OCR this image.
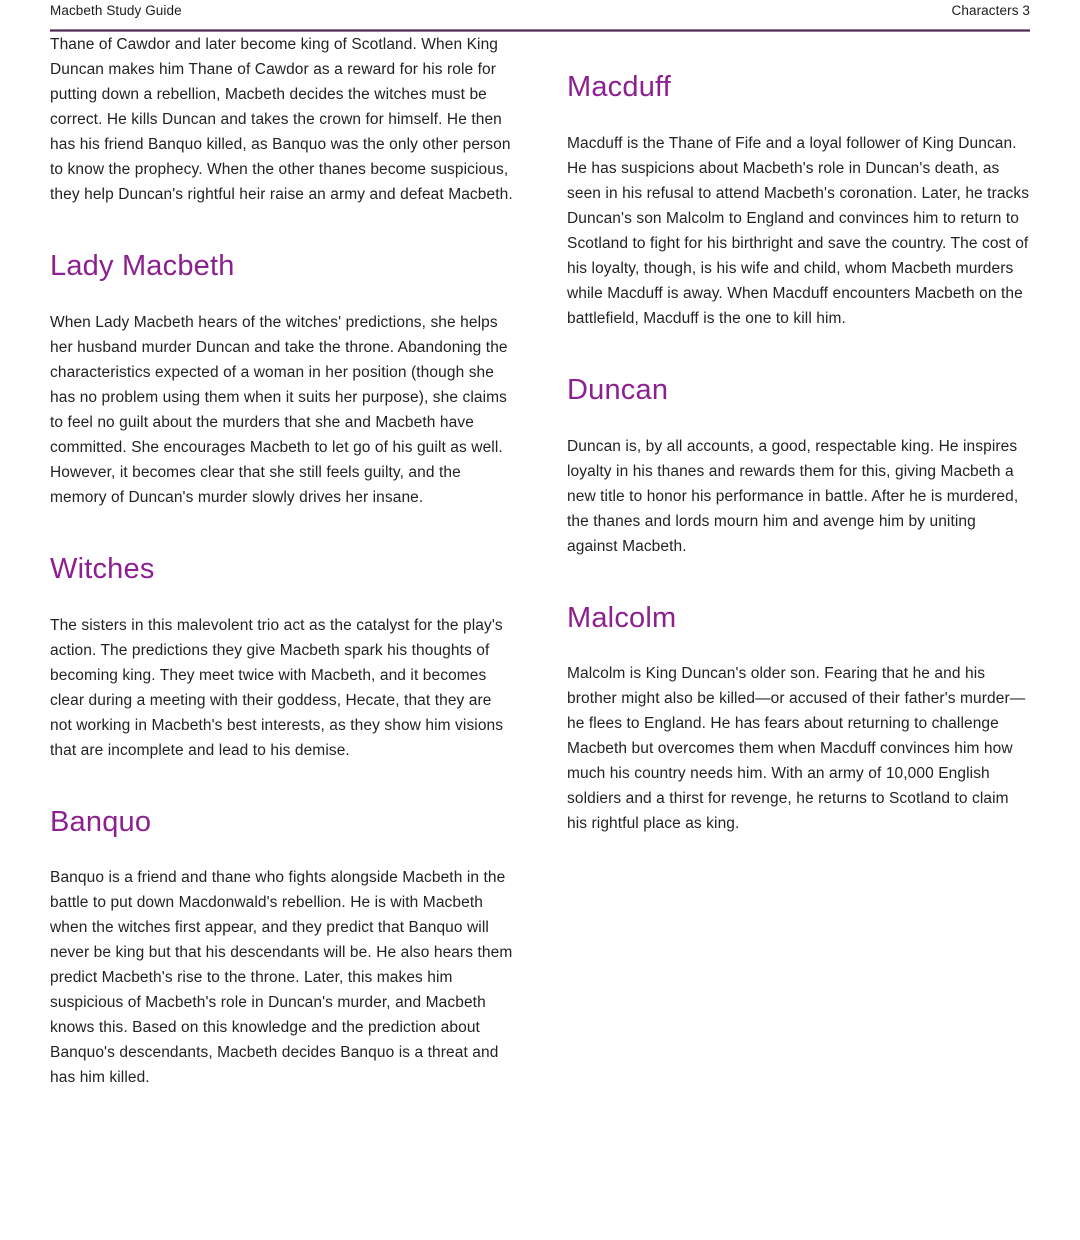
Macbeth Study Guide	Characters 3

Thane of Cawdor and later become king of Scotland. When King Duncan makes him Thane of Cawdor as a reward for his role for putting down a rebellion, Macbeth decides the witches must be correct. He kills Duncan and takes the crown for himself. He then has his friend Banquo killed, as Banquo was the only other person to know the prophecy. When the other thanes become suspicious, they help Duncan's rightful heir raise an army and defeat Macbeth.

Lady Macbeth

When Lady Macbeth hears of the witches' predictions, she helps her husband murder Duncan and take the throne. Abandoning the characteristics expected of a woman in her position (though she has no problem using them when it suits her purpose), she claims to feel no guilt about the murders that she and Macbeth have committed. She encourages Macbeth to let go of his guilt as well. However, it becomes clear that she still feels guilty, and the memory of Duncan's murder slowly drives her insane.

Witches

The sisters in this malevolent trio act as the catalyst for the play's action. The predictions they give Macbeth spark his thoughts of becoming king. They meet twice with Macbeth, and it becomes clear during a meeting with their goddess, Hecate, that they are not working in Macbeth's best interests, as they show him visions that are incomplete and lead to his demise.

Banquo

Banquo is a friend and thane who fights alongside Macbeth in the battle to put down Macdonwald's rebellion. He is with Macbeth when the witches first appear, and they predict that Banquo will never be king but that his descendants will be. He also hears them predict Macbeth's rise to the throne. Later, this makes him suspicious of Macbeth's role in Duncan's murder, and Macbeth knows this. Based on this knowledge and the prediction about Banquo's descendants, Macbeth decides Banquo is a threat and has him killed.

Macduff

Macduff is the Thane of Fife and a loyal follower of King Duncan. He has suspicions about Macbeth's role in Duncan's death, as seen in his refusal to attend Macbeth's coronation. Later, he tracks Duncan's son Malcolm to England and convinces him to return to Scotland to fight for his birthright and save the country. The cost of his loyalty, though, is his wife and child, whom Macbeth murders while Macduff is away. When Macduff encounters Macbeth on the battlefield, Macduff is the one to kill him.

Duncan

Duncan is, by all accounts, a good, respectable king. He inspires loyalty in his thanes and rewards them for this, giving Macbeth a new title to honor his performance in battle. After he is murdered, the thanes and lords mourn him and avenge him by uniting against Macbeth.

Malcolm

Malcolm is King Duncan's older son. Fearing that he and his brother might also be killed—or accused of their father's murder—he flees to England. He has fears about returning to challenge Macbeth but overcomes them when Macduff convinces him how much his country needs him. With an army of 10,000 English soldiers and a thirst for revenge, he returns to Scotland to claim his rightful place as king.
